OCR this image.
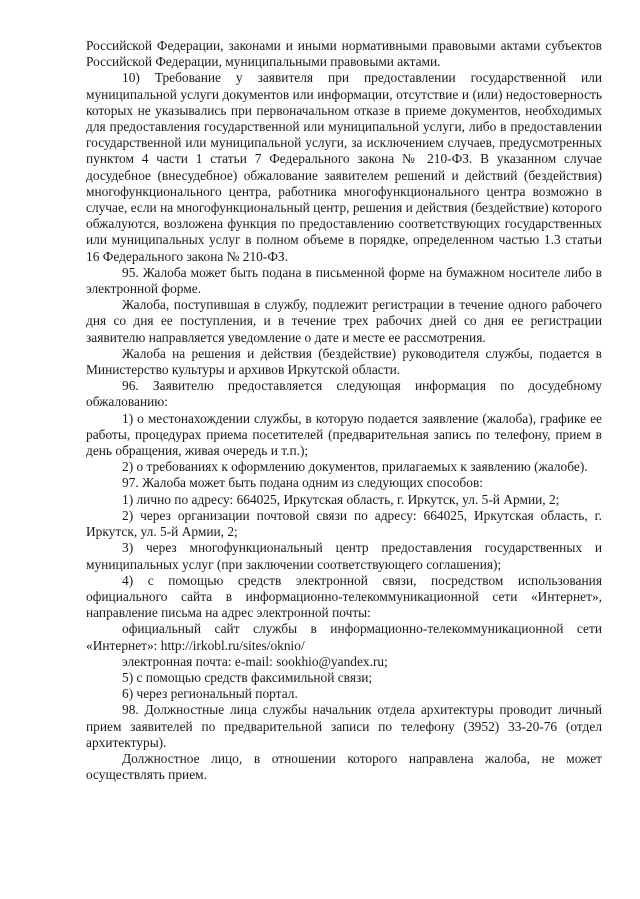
Российской Федерации, законами и иными нормативными правовыми актами субъектов Российской Федерации, муниципальными правовыми актами.

10) Требование у заявителя при предоставлении государственной или муниципальной услуги документов или информации, отсутствие и (или) недостоверность которых не указывались при первоначальном отказе в приеме документов, необходимых для предоставления государственной или муниципальной услуги, либо в предоставлении государственной или муниципальной услуги, за исключением случаев, предусмотренных пунктом 4 части 1 статьи 7 Федерального закона № 210-ФЗ. В указанном случае досудебное (внесудебное) обжалование заявителем решений и действий (бездействия) многофункционального центра, работника многофункционального центра возможно в случае, если на многофункциональный центр, решения и действия (бездействие) которого обжалуются, возложена функция по предоставлению соответствующих государственных или муниципальных услуг в полном объеме в порядке, определенном частью 1.3 статьи 16 Федерального закона № 210-ФЗ.

95. Жалоба может быть подана в письменной форме на бумажном носителе либо в электронной форме.

Жалоба, поступившая в службу, подлежит регистрации в течение одного рабочего дня со дня ее поступления, и в течение трех рабочих дней со дня ее регистрации заявителю направляется уведомление о дате и месте ее рассмотрения.

Жалоба на решения и действия (бездействие) руководителя службы, подается в Министерство культуры и архивов Иркутской области.

96. Заявителю предоставляется следующая информация по досудебному обжалованию:

1) о местонахождении службы, в которую подается заявление (жалоба), графике ее работы, процедурах приема посетителей (предварительная запись по телефону, прием в день обращения, живая очередь и т.п.);

2) о требованиях к оформлению документов, прилагаемых к заявлению (жалобе).

97. Жалоба может быть подана одним из следующих способов:

1) лично по адресу: 664025, Иркутская область, г. Иркутск, ул. 5-й Армии, 2;

2) через организации почтовой связи по адресу: 664025, Иркутская область, г. Иркутск, ул. 5-й Армии, 2;

3) через многофункциональный центр предоставления государственных и муниципальных услуг (при заключении соответствующего соглашения);

4) с помощью средств электронной связи, посредством использования официального сайта в информационно-телекоммуникационной сети «Интернет», направление письма на адрес электронной почты:

официальный сайт службы в информационно-телекоммуникационной сети «Интернет»: http://irkobl.ru/sites/oknio/

электронная почта: e-mail: sookhio@yandex.ru;

5) с помощью средств факсимильной связи;

6) через региональный портал.

98. Должностные лица службы начальник отдела архитектуры проводит личный прием заявителей по предварительной записи по телефону (3952) 33-20-76 (отдел архитектуры).

Должностное лицо, в отношении которого направлена жалоба, не может осуществлять прием.
